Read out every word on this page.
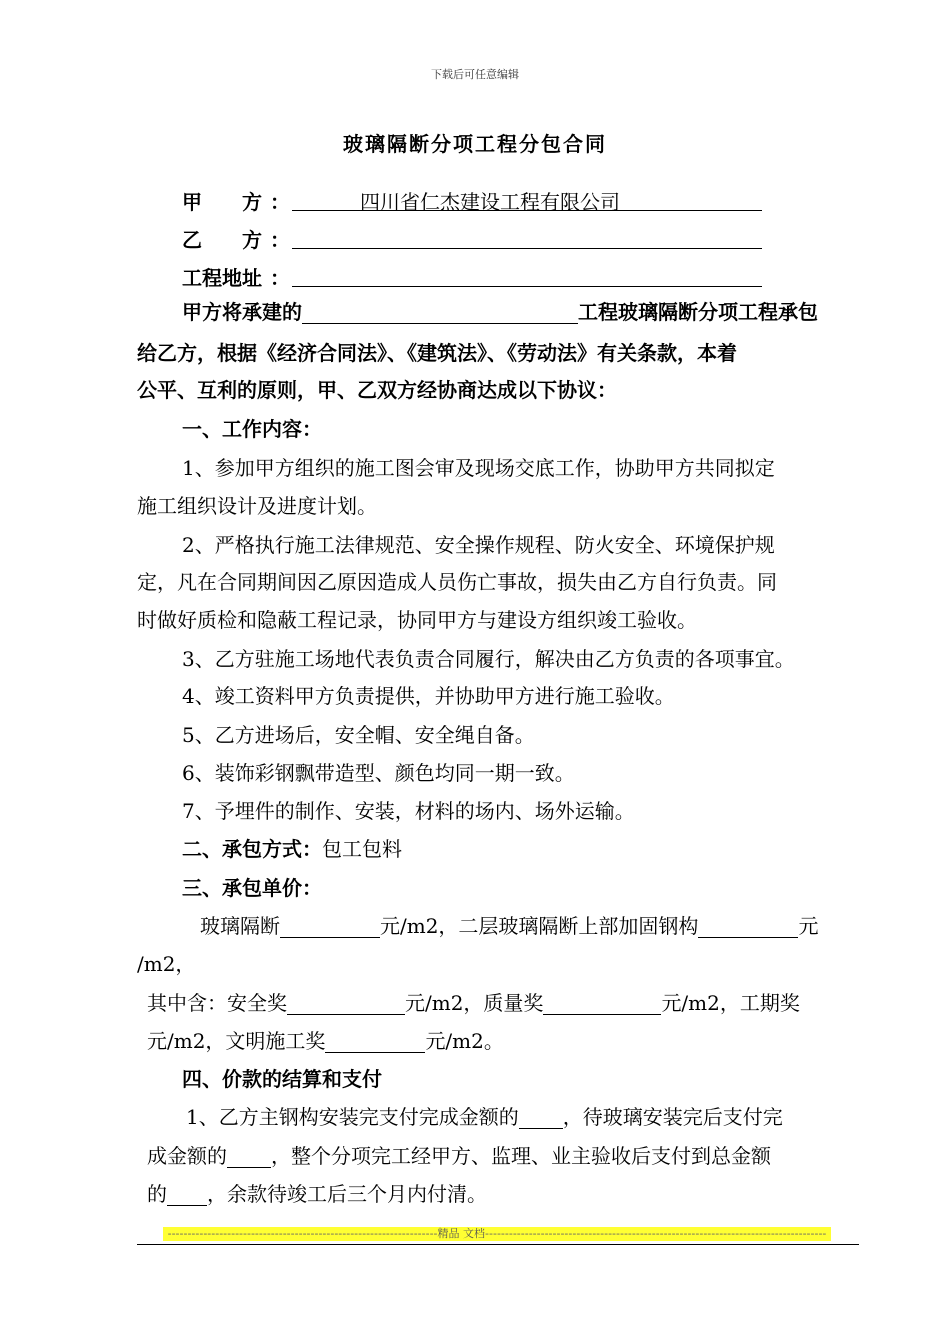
下载后可任意编辑
玻璃隔断分项工程分包合同
甲　　方 ：	四川省仁杰建设工程有限公司
乙　　方 ：
工程地址 ：
甲方将承建的	工程玻璃隔断分项工程承包
给乙方，根据《经济合同法》、《建筑法》、《劳动法》有关条款，本着
公平、互利的原则，甲、乙双方经协商达成以下协议：
一、工作内容：
1、参加甲方组织的施工图会审及现场交底工作，协助甲方共同拟定
施工组织设计及进度计划。
2、严格执行施工法律规范、安全操作规程、防火安全、环境保护规
定，凡在合同期间因乙原因造成人员伤亡事故，损失由乙方自行负责。同
时做好质检和隐蔽工程记录，协同甲方与建设方组织竣工验收。
3、乙方驻施工场地代表负责合同履行，解决由乙方负责的各项事宜。
4、竣工资料甲方负责提供，并协助甲方进行施工验收。
5、乙方进场后，安全帽、安全绳自备。
6、装饰彩钢飘带造型、颜色均同一期一致。
7、予埋件的制作、安装，材料的场内、场外运输。
二、承包方式：包工包料
三、承包单价：
玻璃隔断	元/m2，二层玻璃隔断上部加固钢构	元
/m2，
其中含：安全奖	元/m2，质量奖	元/m2，工期奖
元/m2，文明施工奖	元/m2。
四、价款的结算和支付
1、乙方主钢构安装完支付完成金额的 ，待玻璃安装完后支付完
成金额的 ，整个分项完工经甲方、监理、业主验收后支付到总金额
的 ，余款待竣工后三个月内付清。
--------------------------------------------------------------------精品 文档--------------------------------------------------------------------------------------
